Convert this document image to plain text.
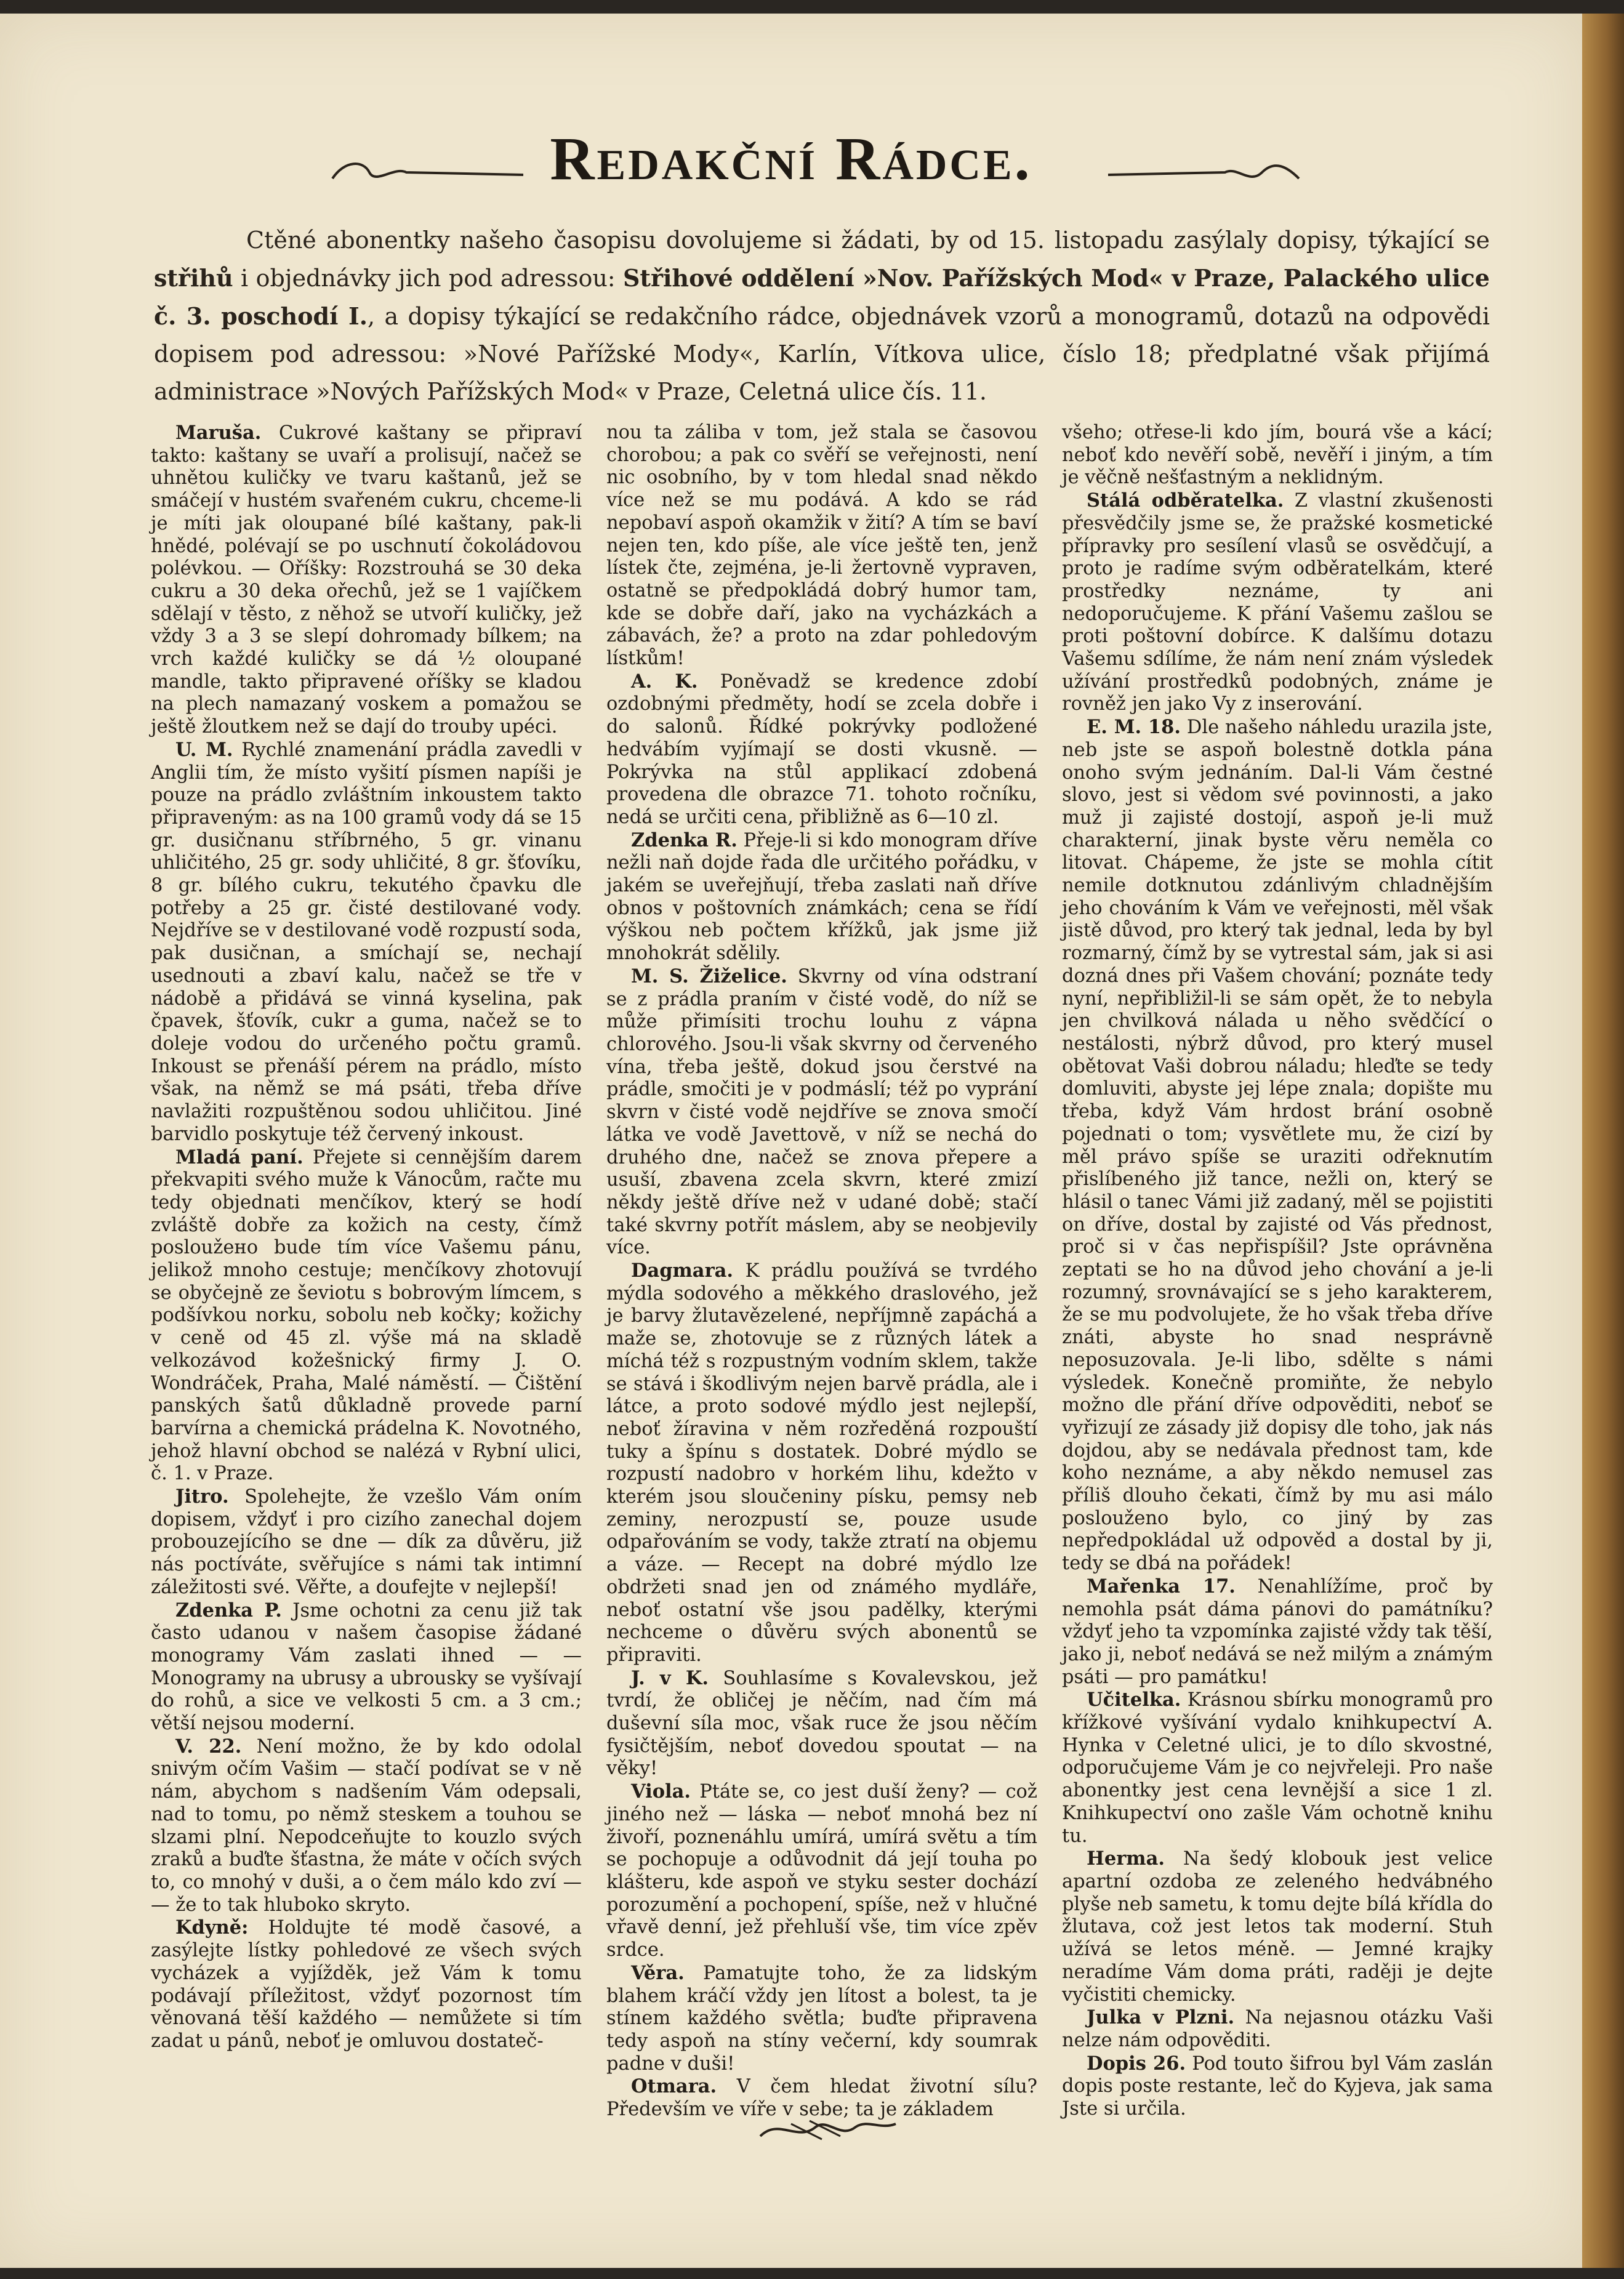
Redakční Rádce.

Ctěné abonentky našeho časopisu dovolujeme si žádati, by od 15. listopadu zasýlaly dopisy, týkající se střihů i objednávky jich pod adressou: Střihové oddělení »Nov. Pařížských Mod« v Praze, Palackého ulice č. 3. poschodí I., a dopisy týkající se redakčního rádce, objednávek vzorů a monogramů, dotazů na odpovědi dopisem pod adressou: »Nové Pařížské Mody«, Karlín, Vítkova ulice, číslo 18; předplatné však přijímá administrace »Nových Pařížských Mod« v Praze, Celetná ulice čís. 11.

Maruša. Cukrové kaštany se připraví takto: kaštany se uvaří a prolisují, načež se uhnětou kuličky ve tvaru kaštanů, jež se smáčejí v hustém svařeném cukru, chceme-li je míti jak oloupané bílé kaštany, pak-li hnědé, polévají se po uschnutí čokoládovou polévkou. — Oříšky: Rozstrouhá se 30 deka cukru a 30 deka ořechů, jež se 1 vajíčkem sdělají v těsto, z něhož se utvoří kuličky, jež vždy 3 a 3 se slepí dohromady bílkem; na vrch každé kuličky se dá ½ oloupané mandle, takto připravené oříšky se kladou na plech namazaný voskem a pomažou se ještě žloutkem než se dají do trouby upéci.

U. M. Rychlé znamenání prádla zavedli v Anglii tím, že místo vyšití písmen napíši je pouze na prádlo zvláštním inkoustem takto připraveným: as na 100 gramů vody dá se 15 gr. dusičnanu stříbrného, 5 gr. vinanu uhličitého, 25 gr. sody uhličité, 8 gr. šťovíku, 8 gr. bílého cukru, tekutého čpavku dle potřeby a 25 gr. čisté destilované vody. Nejdříve se v destilované vodě rozpustí soda, pak dusičnan, a smíchají se, nechají usednouti a zbaví kalu, načež se tře v nádobě a přidává se vinná kyselina, pak čpavek, šťovík, cukr a guma, načež se to doleje vodou do určeného počtu gramů. Inkoust se přenáší pérem na prádlo, místo však, na němž se má psáti, třeba dříve navlažiti rozpuštěnou sodou uhličitou. Jiné barvidlo poskytuje též červený inkoust.

Mladá paní. Přejete si cennějším darem překvapiti svého muže k Vánocům, račte mu tedy objednati menčíkov, který se hodí zvláště dobře za kožich na cesty, čímž posloužено bude tím více Vašemu pánu, jelikož mnoho cestuje; menčíkovy zhotovují se obyčejně ze ševiotu s bobrovým límcem, s podšívkou norku, sobolu neb kočky; kožichy v ceně od 45 zl. výše má na skladě velkozávod kožešnický firmy J. O. Wondráček, Praha, Malé náměstí. — Čištění panských šatů důkladně provede parní barvírna a chemická prádelna K. Novotného, jehož hlavní obchod se nalézá v Rybní ulici, č. 1. v Praze.

Jitro. Spolehejte, že vzešlo Vám oním dopisem, vždyť i pro cizího zanechal dojem probouzejícího se dne — dík za důvěru, již nás poctíváte, svěřujíce s námi tak intimní záležitosti své. Věřte, a doufejte v nejlepší!

Zdenka P. Jsme ochotni za cenu již tak často udanou v našem časopise žádané monogramy Vám zaslati ihned — — Monogramy na ubrusy a ubrousky se vyšívají do rohů, a sice ve velkosti 5 cm. a 3 cm.; větší nejsou moderní.

V. 22. Není možno, že by kdo odolal snivým očím Vašim — stačí podívat se v ně nám, abychom s nadšením Vám odepsali, nad to tomu, po němž steskem a touhou se slzami plní. Nepodceňujte to kouzlo svých zraků a buďte šťastna, že máte v očích svých to, co mnohý v duši, a o čem málo kdo zví — — že to tak hluboko skryto.

Kdyně: Holdujte té modě časové, a zasýlejte lístky pohledové ze všech svých vycházek a vyjížděk, jež Vám k tomu podávají příležitost, vždyť pozornost tím věnovaná těší každého — nemůžete si tím zadat u pánů, neboť je omluvou dostateč-

nou ta záliba v tom, jež stala se časovou chorobou; a pak co svěří se veřejnosti, není nic osobního, by v tom hledal snad někdo více než se mu podává. A kdo se rád nepobaví aspoň okamžik v žití? A tím se baví nejen ten, kdo píše, ale více ještě ten, jenž lístek čte, zejména, je-li žertovně vypraven, ostatně se předpokládá dobrý humor tam, kde se dobře daří, jako na vycházkách a zábavách, že? a proto na zdar pohledovým lístkům!

A. K. Poněvadž se kredence zdobí ozdobnými předměty, hodí se zcela dobře i do salonů. Řídké pokrývky podložené hedvábím vyjímají se dosti vkusně. — Pokrývka na stůl applikací zdobená provedena dle obrazce 71. tohoto ročníku, nedá se určiti cena, přibližně as 6—10 zl.

Zdenka R. Přeje-li si kdo monogram dříve nežli naň dojde řada dle určitého pořádku, v jakém se uveřejňují, třeba zaslati naň dříve obnos v poštovních známkách; cena se řídí výškou neb počtem křížků, jak jsme již mnohokrát sdělily.

M. S. Žiželice. Skvrny od vína odstraní se z prádla praním v čisté vodě, do níž se může přimísiti trochu louhu z vápna chlorového. Jsou-li však skvrny od červeného vína, třeba ještě, dokud jsou čerstvé na prádle, smočiti je v podmáslí; též po vyprání skvrn v čisté vodě nejdříve se znova smočí látka ve vodě Javettově, v níž se nechá do druhého dne, načež se znova přepere a usuší, zbavena zcela skvrn, které zmizí někdy ještě dříve než v udané době; stačí také skvrny potřít máslem, aby se neobjevily více.

Dagmara. K prádlu používá se tvrdého mýdla sodového a měkkého draslového, jež je barvy žlutavězelené, nepříjmně zapáchá a maže se, zhotovuje se z různých látek a míchá též s rozpustným vodním sklem, takže se stává i škodlivým nejen barvě prádla, ale i látce, a proto sodové mýdlo jest nejlepší, neboť žíravina v něm rozředěná rozpouští tuky a špínu s dostatek. Dobré mýdlo se rozpustí nadobro v horkém lihu, kdežto v kterém jsou sloučeniny písku, pemsy neb zeminy, nerozpustí se, pouze usude odpařováním se vody, takže ztratí na objemu a váze. — Recept na dobré mýdlo lze obdržeti snad jen od známého mydláře, neboť ostatní vše jsou padělky, kterými nechceme o důvěru svých abonentů se připraviti.

J. v K. Souhlasíme s Kovalevskou, jež tvrdí, že obličej je něčím, nad čím má duševní síla moc, však ruce že jsou něčím fysičtějším, neboť dovedou spoutat — na věky!

Viola. Ptáte se, co jest duší ženy? — což jiného než — láska — neboť mnohá bez ní živoří, poznenáhlu umírá, umírá světu a tím se pochopuje a odůvodnit dá její touha po klášteru, kde aspoň ve styku sester dochází porozumění a pochopení, spíše, než v hlučné vřavě denní, jež přehluší vše, tim více zpěv srdce.

Věra. Pamatujte toho, že za lidským blahem kráčí vždy jen lítost a bolest, ta je stínem každého světla; buďte připravena tedy aspoň na stíny večerní, kdy soumrak padne v duši!

Otmara. V čem hledat životní sílu? Především ve víře v sebe; ta je základem

všeho; otřese-li kdo jím, bourá vše a kácí; neboť kdo nevěří sobě, nevěří i jiným, a tím je věčně nešťastným a neklidným.

Stálá odběratelka. Z vlastní zkušenosti přesvědčily jsme se, že pražské kosmetické přípravky pro sesílení vlasů se osvědčují, a proto je radíme svým odběratelkám, které prostředky neznáme, ty ani nedoporučujeme. K přání Vašemu zašlou se proti poštovní dobírce. K dalšímu dotazu Vašemu sdílíme, že nám není znám výsledek užívání prostředků podobných, známe je rovněž jen jako Vy z inserování.

E. M. 18. Dle našeho náhledu urazila jste, neb jste se aspoň bolestně dotkla pána onoho svým jednáním. Dal-li Vám čestné slovo, jest si vědom své povinnosti, a jako muž ji zajisté dostojí, aspoň je-li muž charakterní, jinak byste věru neměla co litovat. Chápeme, že jste se mohla cítit nemile dotknutou zdánlivým chladnějším jeho chováním k Vám ve veřejnosti, měl však jistě důvod, pro který tak jednal, leda by byl rozmarný, čímž by se vytrestal sám, jak si asi dozná dnes při Vašem chování; poznáte tedy nyní, nepřibližil-li se sám opět, že to nebyla jen chvilková nálada u něho svědčící o nestálosti, nýbrž důvod, pro který musel obětovat Vaši dobrou náladu; hleďte se tedy domluviti, abyste jej lépe znala; dopište mu třeba, když Vám hrdost brání osobně pojednati o tom; vysvětlete mu, že cizí by měl právo spíše se uraziti odřeknutím přislíbeného již tance, nežli on, který se hlásil o tanec Vámi již zadaný, měl se pojistiti on dříve, dostal by zajisté od Vás přednost, proč si v čas nepřispíšil? Jste oprávněna zeptati se ho na důvod jeho chování a je-li rozumný, srovnávající se s jeho karakterem, že se mu podvolujete, že ho však třeba dříve znáti, abyste ho snad nesprávně neposuzovala. Je-li libo, sdělte s námi výsledek. Konečně promiňte, že nebylo možno dle přání dříve odpověditi, neboť se vyřizují ze zásady již dopisy dle toho, jak nás dojdou, aby se nedávala přednost tam, kde koho neznáme, a aby někdo nemusel zas příliš dlouho čekati, čímž by mu asi málo poslouženo bylo, co jiný by zas nepředpokládal už odpověd a dostal by ji, tedy se dbá na pořádek!

Mařenka 17. Nenahlížíme, proč by nemohla psát dáma pánovi do památníku? vždyť jeho ta vzpomínka zajisté vždy tak těší, jako ji, neboť nedává se než milým a známým psáti — pro památku!

Učitelka. Krásnou sbírku monogramů pro křížkové vyšívání vydalo knihkupectví A. Hynka v Celetné ulici, je to dílo skvostné, odporučujeme Vám je co nejvřeleji. Pro naše abonentky jest cena levnější a sice 1 zl. Knihkupectví ono zašle Vám ochotně knihu tu.

Herma. Na šedý klobouk jest velice apartní ozdoba ze zeleného hedvábného plyše neb sametu, k tomu dejte bílá křídla do žlutava, což jest letos tak moderní. Stuh užívá se letos méně. — Jemné krajky neradíme Vám doma práti, raději je dejte vyčistiti chemicky.

Julka v Plzni. Na nejasnou otázku Vaši nelze nám odpověditi.

Dopis 26. Pod touto šifrou byl Vám zaslán dopis poste restante, leč do Kyjeva, jak sama Jste si určila.
